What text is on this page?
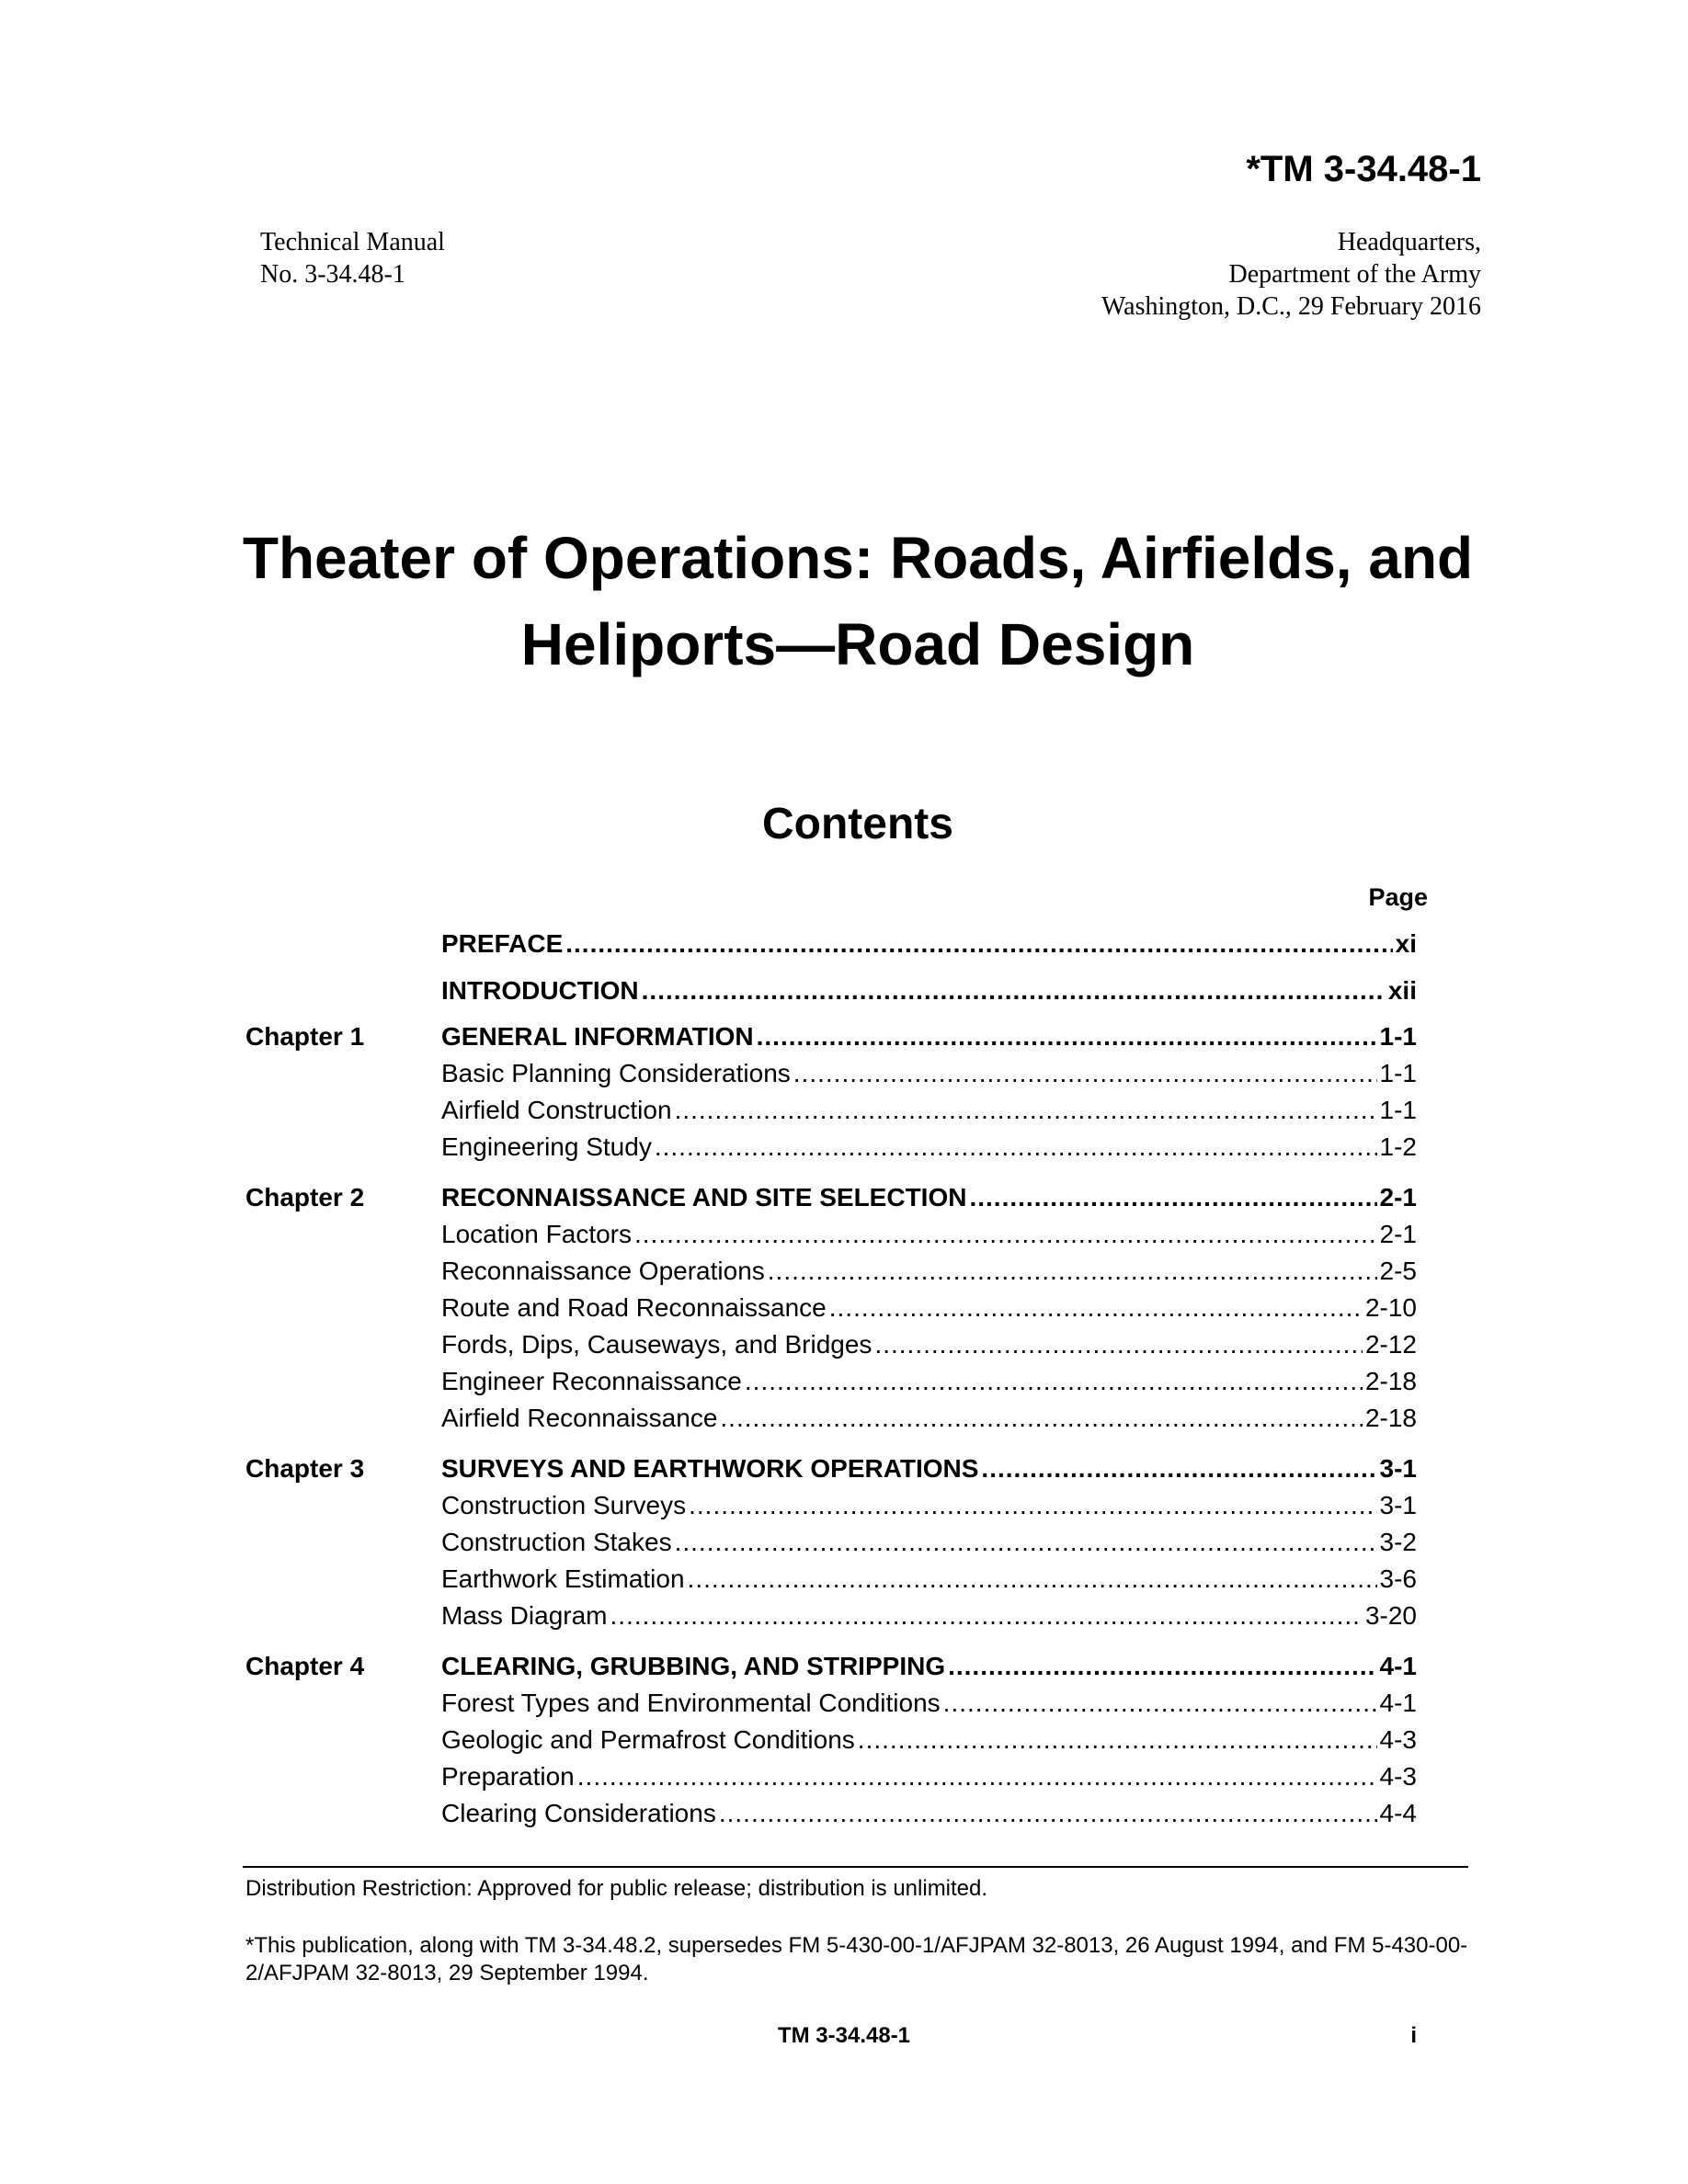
*TM 3-34.48-1
Technical Manual
No. 3-34.48-1
Headquarters,
Department of the Army
Washington, D.C., 29 February 2016
Theater of Operations: Roads, Airfields, and
Heliports—Road Design
Contents
Page
PREFACE .....	xi
INTRODUCTION .....	xii
Chapter 1	GENERAL INFORMATION .....	1-1
Basic Planning Considerations .....	1-1
Airfield Construction .....	1-1
Engineering Study .....	1-2
Chapter 2	RECONNAISSANCE AND SITE SELECTION .....	2-1
Location Factors .....	2-1
Reconnaissance Operations .....	2-5
Route and Road Reconnaissance .....	2-10
Fords, Dips, Causeways, and Bridges .....	2-12
Engineer Reconnaissance .....	2-18
Airfield Reconnaissance .....	2-18
Chapter 3	SURVEYS AND EARTHWORK OPERATIONS .....	3-1
Construction Surveys .....	3-1
Construction Stakes .....	3-2
Earthwork Estimation .....	3-6
Mass Diagram .....	3-20
Chapter 4	CLEARING, GRUBBING, AND STRIPPING .....	4-1
Forest Types and Environmental Conditions .....	4-1
Geologic and Permafrost Conditions .....	4-3
Preparation .....	4-3
Clearing Considerations .....	4-4
Distribution Restriction: Approved for public release; distribution is unlimited.
*This publication, along with TM 3-34.48.2, supersedes FM 5-430-00-1/AFJPAM 32-8013, 26 August 1994, and FM 5-430-00-2/AFJPAM 32-8013, 29 September 1994.
TM 3-34.48-1	i
